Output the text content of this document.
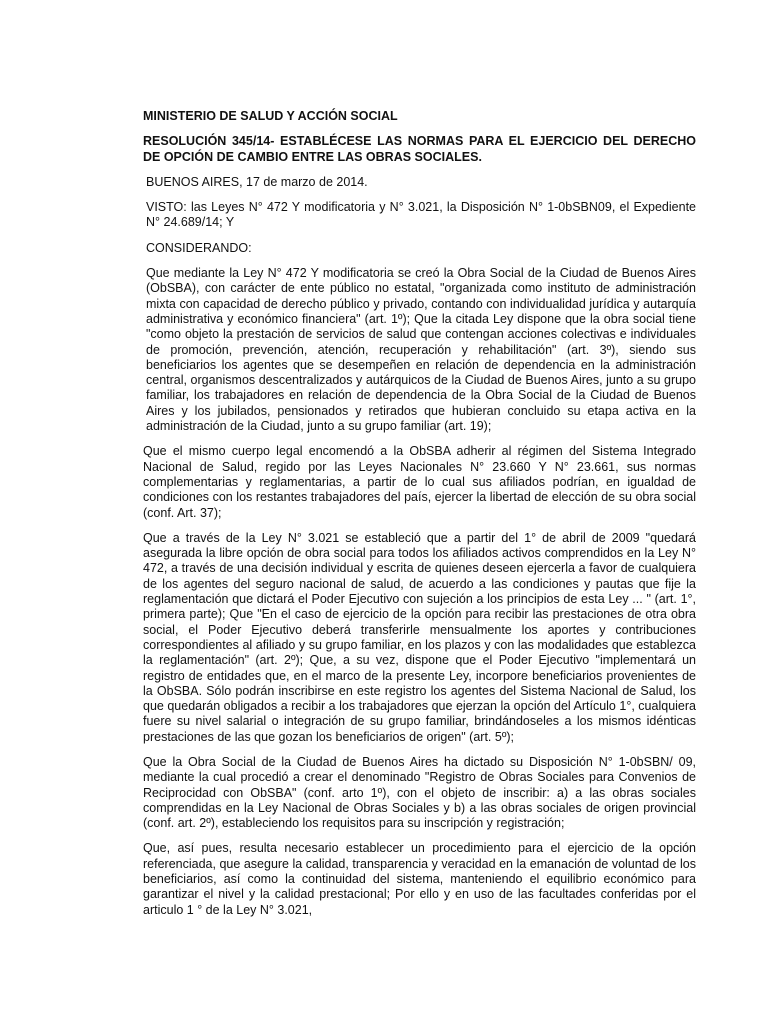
MINISTERIO DE SALUD Y ACCIÓN SOCIAL
RESOLUCIÓN 345/14- ESTABLÉCESE LAS NORMAS PARA EL EJERCICIO DEL DERECHO DE OPCIÓN DE CAMBIO ENTRE LAS OBRAS SOCIALES.
BUENOS AIRES, 17 de marzo de 2014.
VISTO: las Leyes N° 472 Y modificatoria y N° 3.021, la Disposición N° 1-0bSBN09, el Expediente N° 24.689/14; Y
CONSIDERANDO:
Que mediante la Ley N° 472 Y modificatoria se creó la Obra Social de la Ciudad de Buenos Aires (ObSBA), con carácter de ente público no estatal, "organizada como instituto de administración mixta con capacidad de derecho público y privado, contando con individualidad jurídica y autarquía administrativa y económico financiera" (art. 1º); Que la citada Ley dispone que la obra social tiene "como objeto la prestación de servicios de salud que contengan acciones colectivas e individuales de promoción, prevención, atención, recuperación y rehabilitación" (art. 3º), siendo sus beneficiarios los agentes que se desempeñen en relación de dependencia en la administración central, organismos descentralizados y autárquicos de la Ciudad de Buenos Aires, junto a su grupo familiar, los trabajadores en relación de dependencia de la Obra Social de la Ciudad de Buenos Aires y los jubilados, pensionados y retirados que hubieran concluido su etapa activa en la administración de la Ciudad, junto a su grupo familiar (art. 19);
Que el mismo cuerpo legal encomendó a la ObSBA adherir al régimen del Sistema Integrado Nacional de Salud, regido por las Leyes Nacionales N° 23.660 Y N° 23.661, sus normas complementarias y reglamentarias, a partir de lo cual sus afiliados podrían, en igualdad de condiciones con los restantes trabajadores del país, ejercer la libertad de elección de su obra social (conf. Art. 37);
Que a través de la Ley N° 3.021 se estableció que a partir del 1° de abril de 2009 "quedará asegurada la libre opción de obra social para todos los afiliados activos comprendidos en la Ley N° 472, a través de una decisión individual y escrita de quienes deseen ejercerla a favor de cualquiera de los agentes del seguro nacional de salud, de acuerdo a las condiciones y pautas que fije la reglamentación que dictará el Poder Ejecutivo con sujeción a los principios de esta Ley ... " (art. 1°, primera parte); Que "En el caso de ejercicio de la opción para recibir las prestaciones de otra obra social, el Poder Ejecutivo deberá transferirle mensualmente los aportes y contribuciones correspondientes al afiliado y su grupo familiar, en los plazos y con las modalidades que establezca la reglamentación" (art. 2º); Que, a su vez, dispone que el Poder Ejecutivo "implementará un registro de entidades que, en el marco de la presente Ley, incorpore beneficiarios provenientes de la ObSBA. Sólo podrán inscribirse en este registro los agentes del Sistema Nacional de Salud, los que quedarán obligados a recibir a los trabajadores que ejerzan la opción del Artículo 1°, cualquiera fuere su nivel salarial o integración de su grupo familiar, brindándoseles a los mismos idénticas prestaciones de las que gozan los beneficiarios de origen" (art. 5º);
Que la Obra Social de la Ciudad de Buenos Aires ha dictado su Disposición N° 1-0bSBN/ 09, mediante la cual procedió a crear el denominado "Registro de Obras Sociales para Convenios de Reciprocidad con ObSBA" (conf. arto 1º), con el objeto de inscribir: a) a las obras sociales comprendidas en la Ley Nacional de Obras Sociales y b) a las obras sociales de origen provincial (conf. art. 2º), estableciendo los requisitos para su inscripción y registración;
Que, así pues, resulta necesario establecer un procedimiento para el ejercicio de la opción referenciada, que asegure la calidad, transparencia y veracidad en la emanación de voluntad de los beneficiarios, así como la continuidad del sistema, manteniendo el equilibrio económico para garantizar el nivel y la calidad prestacional; Por ello y en uso de las facultades conferidas por el articulo 1 ° de la Ley N° 3.021,
